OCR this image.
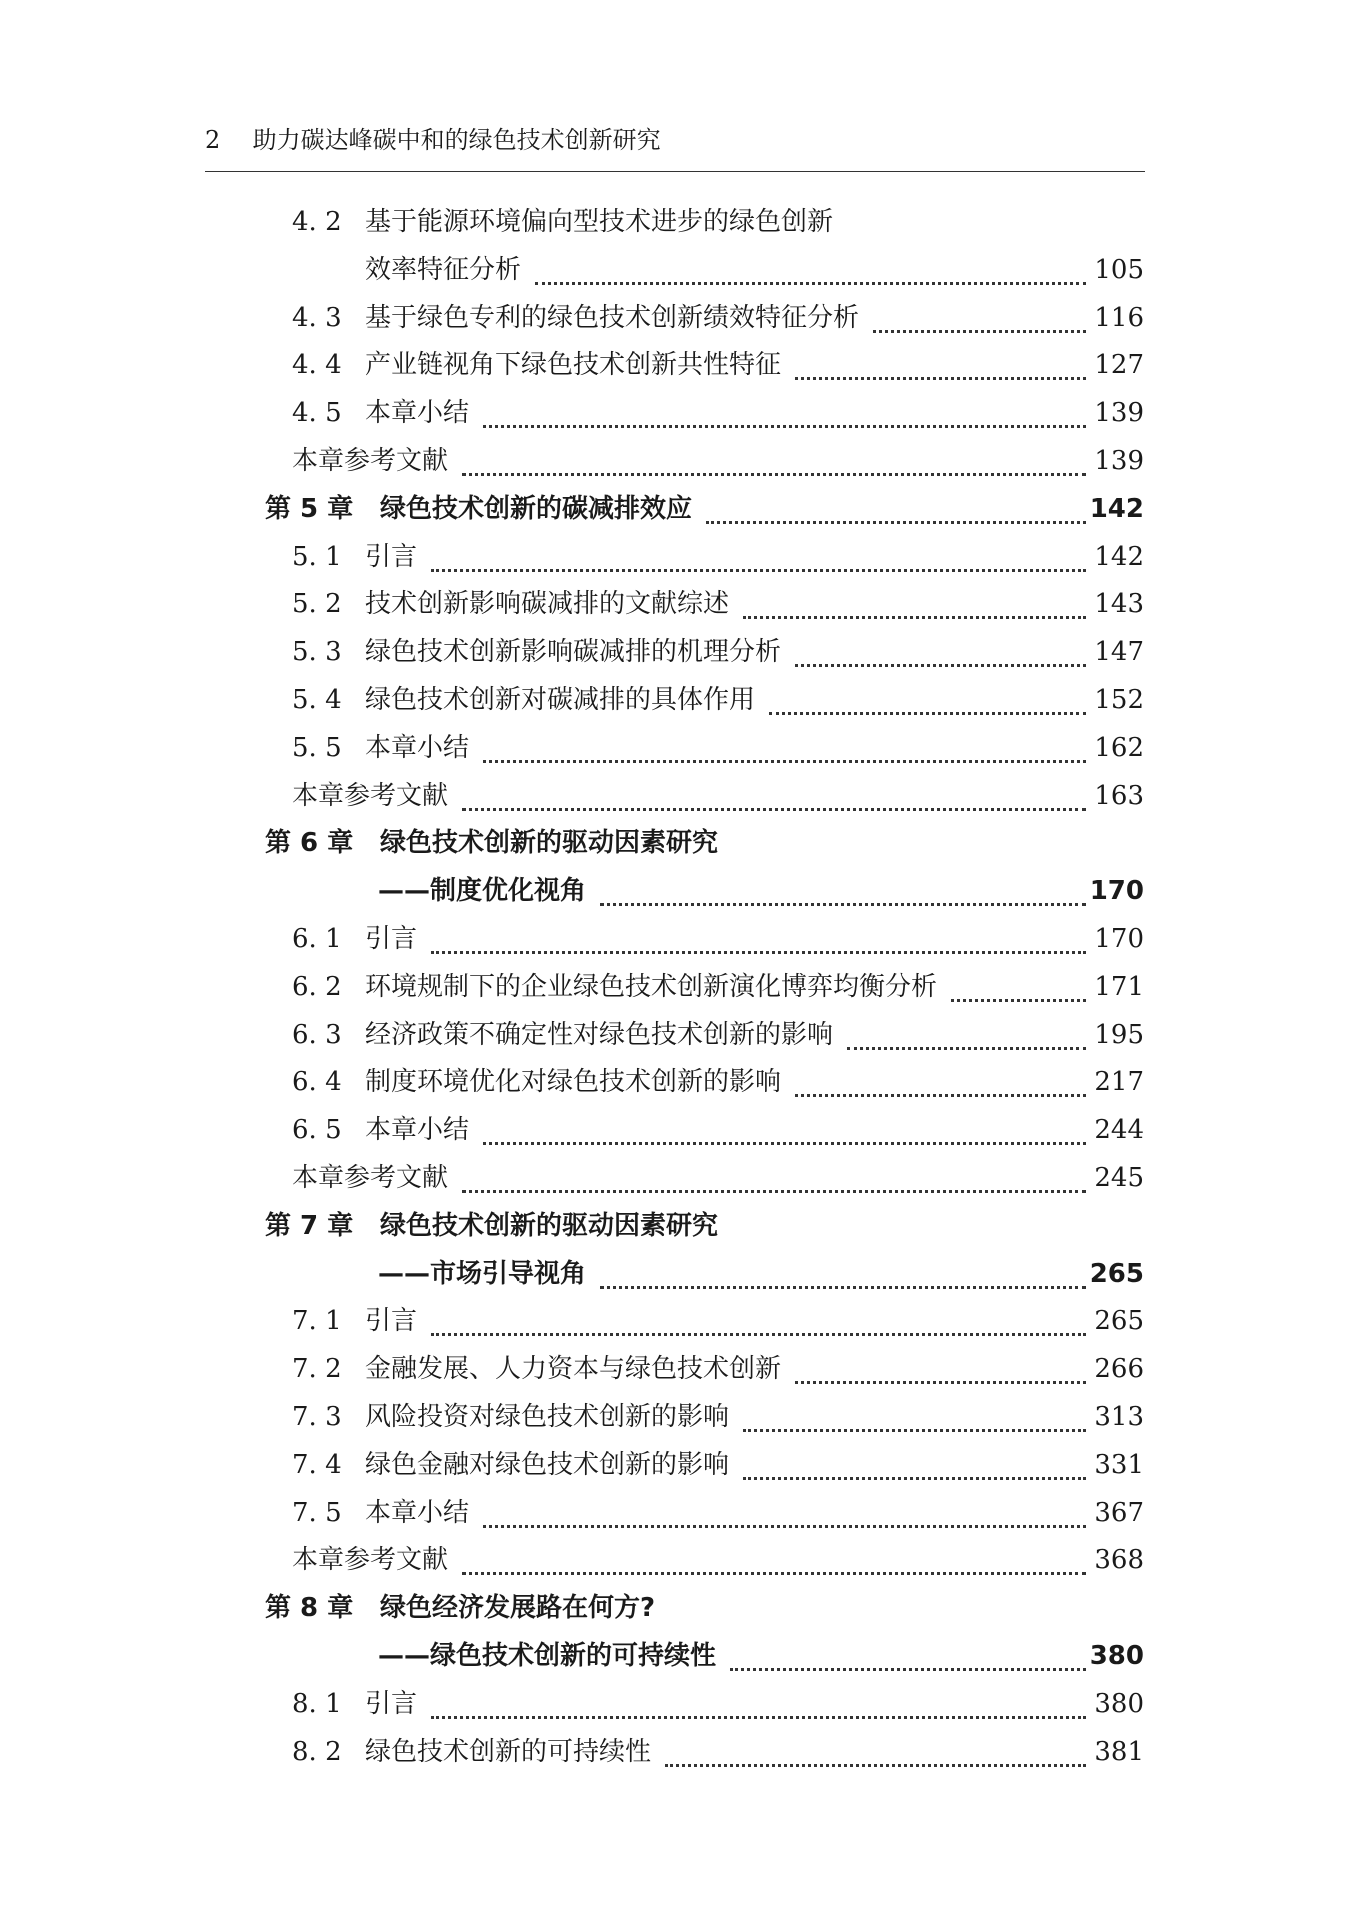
2 助力碳达峰碳中和的绿色技术创新研究
4. 2 基于能源环境偏向型技术进步的绿色创新
效率特征分析	105
4. 3 基于绿色专利的绿色技术创新绩效特征分析	116
4. 4 产业链视角下绿色技术创新共性特征	127
4. 5 本章小结	139
本章参考文献	139
第 5 章 绿色技术创新的碳减排效应	142
5. 1 引言	142
5. 2 技术创新影响碳减排的文献综述	143
5. 3 绿色技术创新影响碳减排的机理分析	147
5. 4 绿色技术创新对碳减排的具体作用	152
5. 5 本章小结	162
本章参考文献	163
第 6 章 绿色技术创新的驱动因素研究
——制度优化视角	170
6. 1 引言	170
6. 2 环境规制下的企业绿色技术创新演化博弈均衡分析	171
6. 3 经济政策不确定性对绿色技术创新的影响	195
6. 4 制度环境优化对绿色技术创新的影响	217
6. 5 本章小结	244
本章参考文献	245
第 7 章 绿色技术创新的驱动因素研究
——市场引导视角	265
7. 1 引言	265
7. 2 金融发展、人力资本与绿色技术创新	266
7. 3 风险投资对绿色技术创新的影响	313
7. 4 绿色金融对绿色技术创新的影响	331
7. 5 本章小结	367
本章参考文献	368
第 8 章 绿色经济发展路在何方?
——绿色技术创新的可持续性	380
8. 1 引言	380
8. 2 绿色技术创新的可持续性	381
